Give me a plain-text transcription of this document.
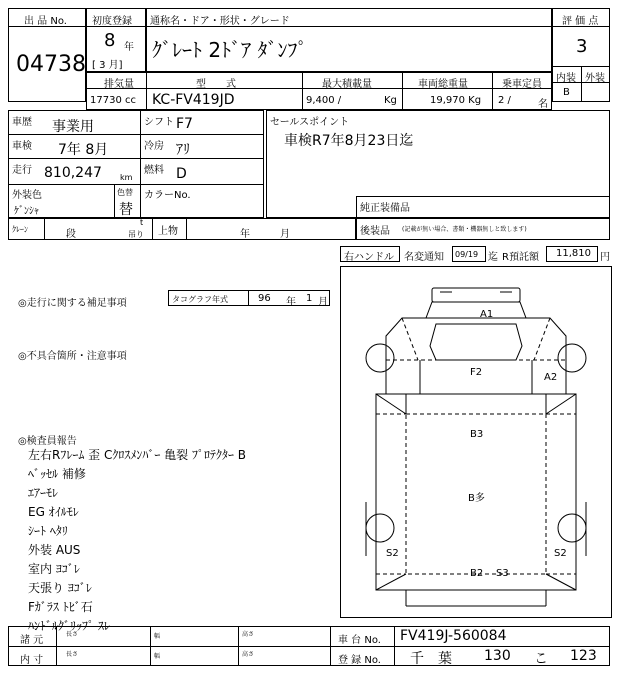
出 品 No.
04738
初度登録
8 年
[ 3 月]
通称名・ドア・形状・グレード
ｸﾞﾚｰﾄ 2ﾄﾞｱ ﾀﾞﾝﾌﾟ
評 価 点
3
内装 外装
B
排気量
17730 cc
型　　式
KC-FV419JD
最大積載量
9,400 /	Kg
車両総重量
19,970 Kg
乗車定員
2 /	名
車歴 事業用	シフト F7
車検 7年 8月	冷房 ｱﾘ
走行 810,247 km
燃料 D
外装色
ｹﾞﾝｼｬ
色替
替
カラーNo.
セールスポイント
車検R7年8月23日迄
純正装備品
ｸﾚｰﾝ	段
t
吊り 上物	年	月	後装品 (記載が無い場合、書類・機器無しと致します)
右ハンドル 名変通知 09/19 迄 R預託額 11,810 円
◎走行に関する補足事項	タコグラフ年式	96 年 1 月
◎不具合箇所・注意事項
◎検査員報告
左右Rﾌﾚｰﾑ 歪 Cｸﾛｽﾒﾝﾊﾞｰ 亀裂 ﾌﾟﾛﾃｸﾀｰ B
ﾍﾞｯｾﾙ 補修
ｴｱｰﾓﾚ
EG ｵｲﾙﾓﾚ
ｼｰﾄ ﾍﾀﾘ
外装 AUS
室内 ﾖｺﾞﾚ
天張り ﾖｺﾞﾚ
Fｶﾞﾗｽ ﾄﾋﾞ石
ﾊﾝﾄﾞﾙｸﾞﾘｯﾌﾟ ｽﾚ
A1
F2	A2
B3
B多
S2	S2
B2 S3
諸 元
長さ	幅	高さ
内 寸
長さ	幅	高さ
車 台 No. FV419J-560084
登 録 No. 千　葉 130 こ 123
